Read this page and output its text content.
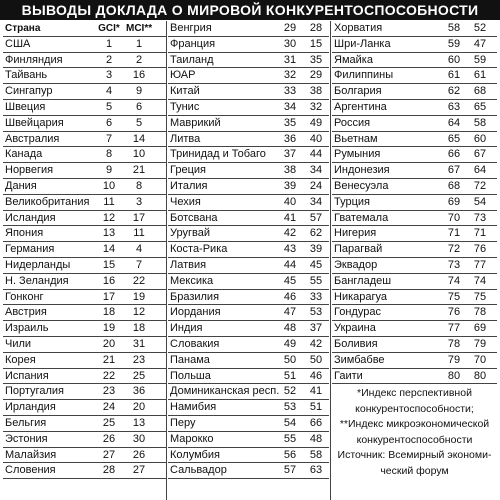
ВЫВОДЫ ДОКЛАДА О МИРОВОЙ КОНКУРЕНТОСПОСОБНОСТИ
Страна	GCI* MCI**
США	1	1
Финляндия	2	2
Тайвань	3	16
Сингапур	4	9
Швеция	5	6
Швейцария	6	5
Австралия	7	14
Канада	8	10
Норвегия	9	21
Дания	10	8
Великобритания	11	3
Исландия	12	17
Япония	13	11
Германия	14	4
Нидерланды	15	7
Н. Зеландия	16	22
Гонконг	17	19
Австрия	18	12
Израиль	19	18
Чили	20	31
Корея	21	23
Испания	22	25
Португалия	23	36
Ирландия	24	20
Бельгия	25	13
Эстония	26	30
Малайзия	27	26
Словения	28	27
Венгрия	29 28
Франция	30 15
Таиланд	31 35
ЮАР	32 29
Китай	33 38
Тунис	34 32
Маврикий	35 49
Литва	36 40
Тринидад и Тобаго 37 44
Греция	38 34
Италия	39 24
Чехия	40 34
Ботсвана	41 57
Уругвай	42 62
Коста-Рика	43 39
Латвия	44 45
Мексика	45 55
Бразилия	46 33
Иордания	47 53
Индия	48 37
Словакия	49 42
Панама	50 50
Польша	51 46
Доминиканская респ. 52 41
Намибия	53 51
Перу	54 66
Марокко	55 48
Колумбия	56 58
Сальвадор	57 63
Хорватия	58 52
Шри-Ланка	59 47
Ямайка	60 59
Филиппины	61 61
Болгария	62 68
Аргентина	63 65
Россия	64 58
Вьетнам	65 60
Румыния	66 67
Индонезия	67 64
Венесуэла	68 72
Турция	69 54
Гватемала	70 73
Нигерия	71 71
Парагвай	72 76
Эквадор	73 77
Бангладеш	74 74
Никарагуа	75 75
Гондурас	76 78
Украина	77 69
Боливия	78 79
Зимбабве	79 70
Гаити	80 80
*Индекс перспективной
конкурентоспособности;
**Индекс микроэкономической
конкурентоспособности
Источник: Всемирный экономи-
ческий форум
